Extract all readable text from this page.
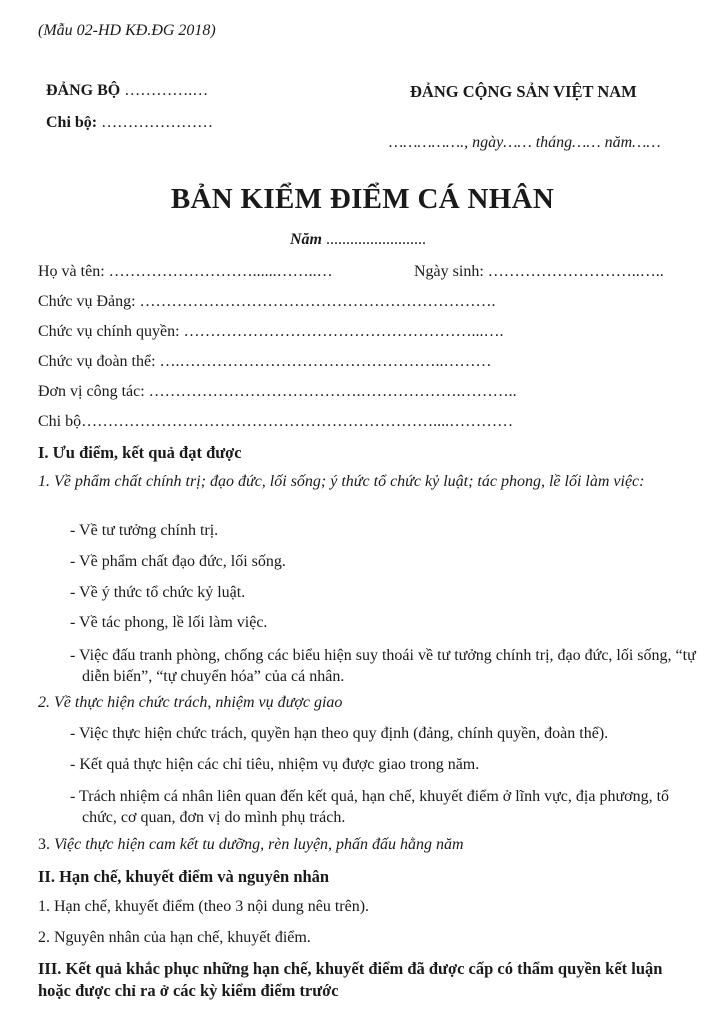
(Mẫu 02-HD KĐ.ĐG 2018)
ĐẢNG BỘ ………….…
Chi bộ: …………………
ĐẢNG CỘNG SẢN VIỆT NAM
……………., ngày…… tháng…… năm……
BẢN KIỂM ĐIỂM CÁ NHÂN
Năm .........................
Họ và tên: ………………………......……..…	Ngày sinh: ………………………..…..
Chức vụ Đảng: ………………………………………………………….
Chức vụ chính quyền: ………………………………………………...….
Chức vụ đoàn thể: ….…………………………………………..………
Đơn vị công tác: ………………………………….……………….………..
Chi bộ…………………………………………………………....…………
I. Ưu điểm, kết quả đạt được
1. Về phẩm chất chính trị; đạo đức, lối sống; ý thức tổ chức kỷ luật; tác phong, lề lối làm việc:
- Về tư tưởng chính trị.
- Về phẩm chất đạo đức, lối sống.
- Về ý thức tổ chức kỷ luật.
- Về tác phong, lề lối làm việc.
- Việc đấu tranh phòng, chống các biểu hiện suy thoái về tư tưởng chính trị, đạo đức, lối sống, “tự diễn biến”, “tự chuyển hóa” của cá nhân.
2. Về thực hiện chức trách, nhiệm vụ được giao
- Việc thực hiện chức trách, quyền hạn theo quy định (đảng, chính quyền, đoàn thể).
- Kết quả thực hiện các chỉ tiêu, nhiệm vụ được giao trong năm.
- Trách nhiệm cá nhân liên quan đến kết quả, hạn chế, khuyết điểm ở lĩnh vực, địa phương, tổ chức, cơ quan, đơn vị do mình phụ trách.
3. Việc thực hiện cam kết tu dưỡng, rèn luyện, phấn đấu hằng năm
II. Hạn chế, khuyết điểm và nguyên nhân
1. Hạn chế, khuyết điểm (theo 3 nội dung nêu trên).
2. Nguyên nhân của hạn chế, khuyết điểm.
III. Kết quả khắc phục những hạn chế, khuyết điểm đã được cấp có thẩm quyền kết luận hoặc được chỉ ra ở các kỳ kiểm điểm trước
